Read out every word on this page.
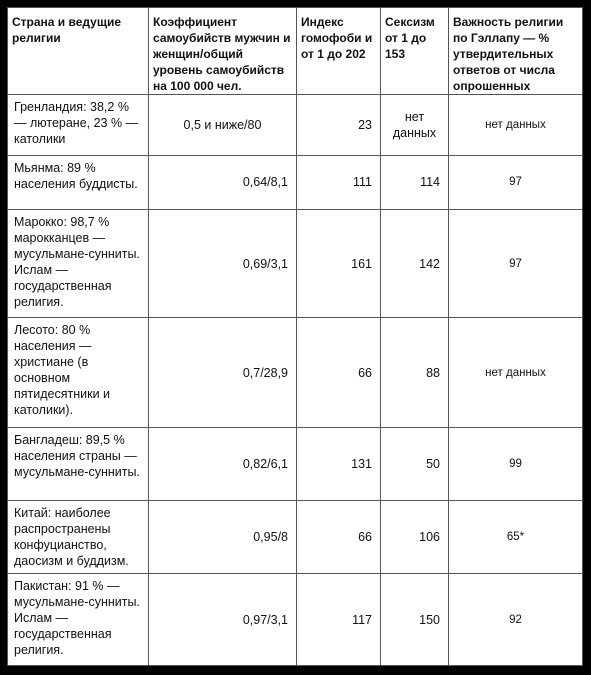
Страна и ведущие религии	Коэффициент самоубийств мужчин и женщин/общий уровень самоубийств на 100 000 чел.	Индекс гомофоби и от 1 до 202	Сексизм от 1 до 153	Важность религии по Гэллапу — % утвердительных ответов от числа опрошенных
Гренландия: 38,2 % — лютеране, 23 % — католики	0,5 и ниже/80	23	нет данных	нет данных
Мьянма: 89 % населения буддисты.	0,64/8,1	111	114	97
Марокко: 98,7 % марокканцев — мусульмане-сунниты. Ислам — государственная религия.	0,69/3,1	161	142	97
Лесото: 80 % населения — христиане (в основном пятидесятники и католики).	0,7/28,9	66	88	нет данных
Бангладеш: 89,5 % населения страны — мусульмане-сунниты.	0,82/6,1	131	50	99
Китай: наиболее распространены конфуцианство, даосизм и буддизм.	0,95/8	66	106	65*
Пакистан: 91 % — мусульмане-сунниты. Ислам — государственная религия.	0,97/3,1	117	150	92
